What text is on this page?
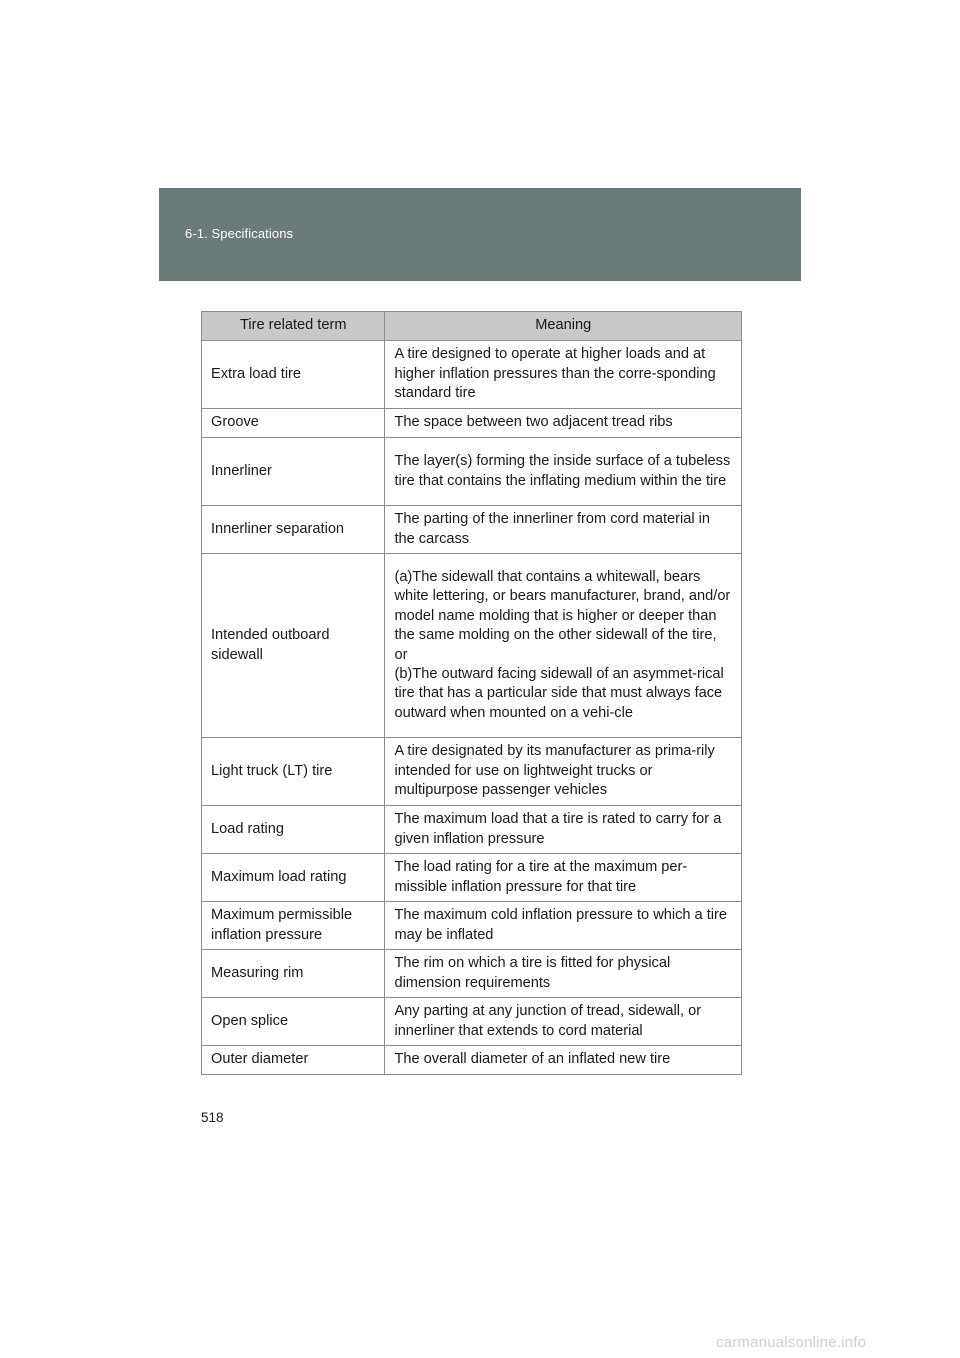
6-1. Specifications
Tire related term	Meaning
Extra load tire	A tire designed to operate at higher loads and at higher inflation pressures than the corre-sponding standard tire
Groove	The space between two adjacent tread ribs
Innerliner	The layer(s) forming the inside surface of a tubeless tire that contains the inflating medium within the tire
Innerliner separation	The parting of the innerliner from cord material in the carcass
Intended outboard sidewall	(a)The sidewall that contains a whitewall, bears white lettering, or bears manufacturer, brand, and/or model name molding that is higher or deeper than the same molding on the other sidewall of the tire, or
(b)The outward facing sidewall of an asymmet-rical tire that has a particular side that must always face outward when mounted on a vehi-cle
Light truck (LT) tire	A tire designated by its manufacturer as prima-rily intended for use on lightweight trucks or multipurpose passenger vehicles
Load rating	The maximum load that a tire is rated to carry for a given inflation pressure
Maximum load rating	The load rating for a tire at the maximum per-missible inflation pressure for that tire
Maximum permissible inflation pressure	The maximum cold inflation pressure to which a tire may be inflated
Measuring rim	The rim on which a tire is fitted for physical dimension requirements
Open splice	Any parting at any junction of tread, sidewall, or innerliner that extends to cord material
Outer diameter	The overall diameter of an inflated new tire
518
carmanualsonline.info
